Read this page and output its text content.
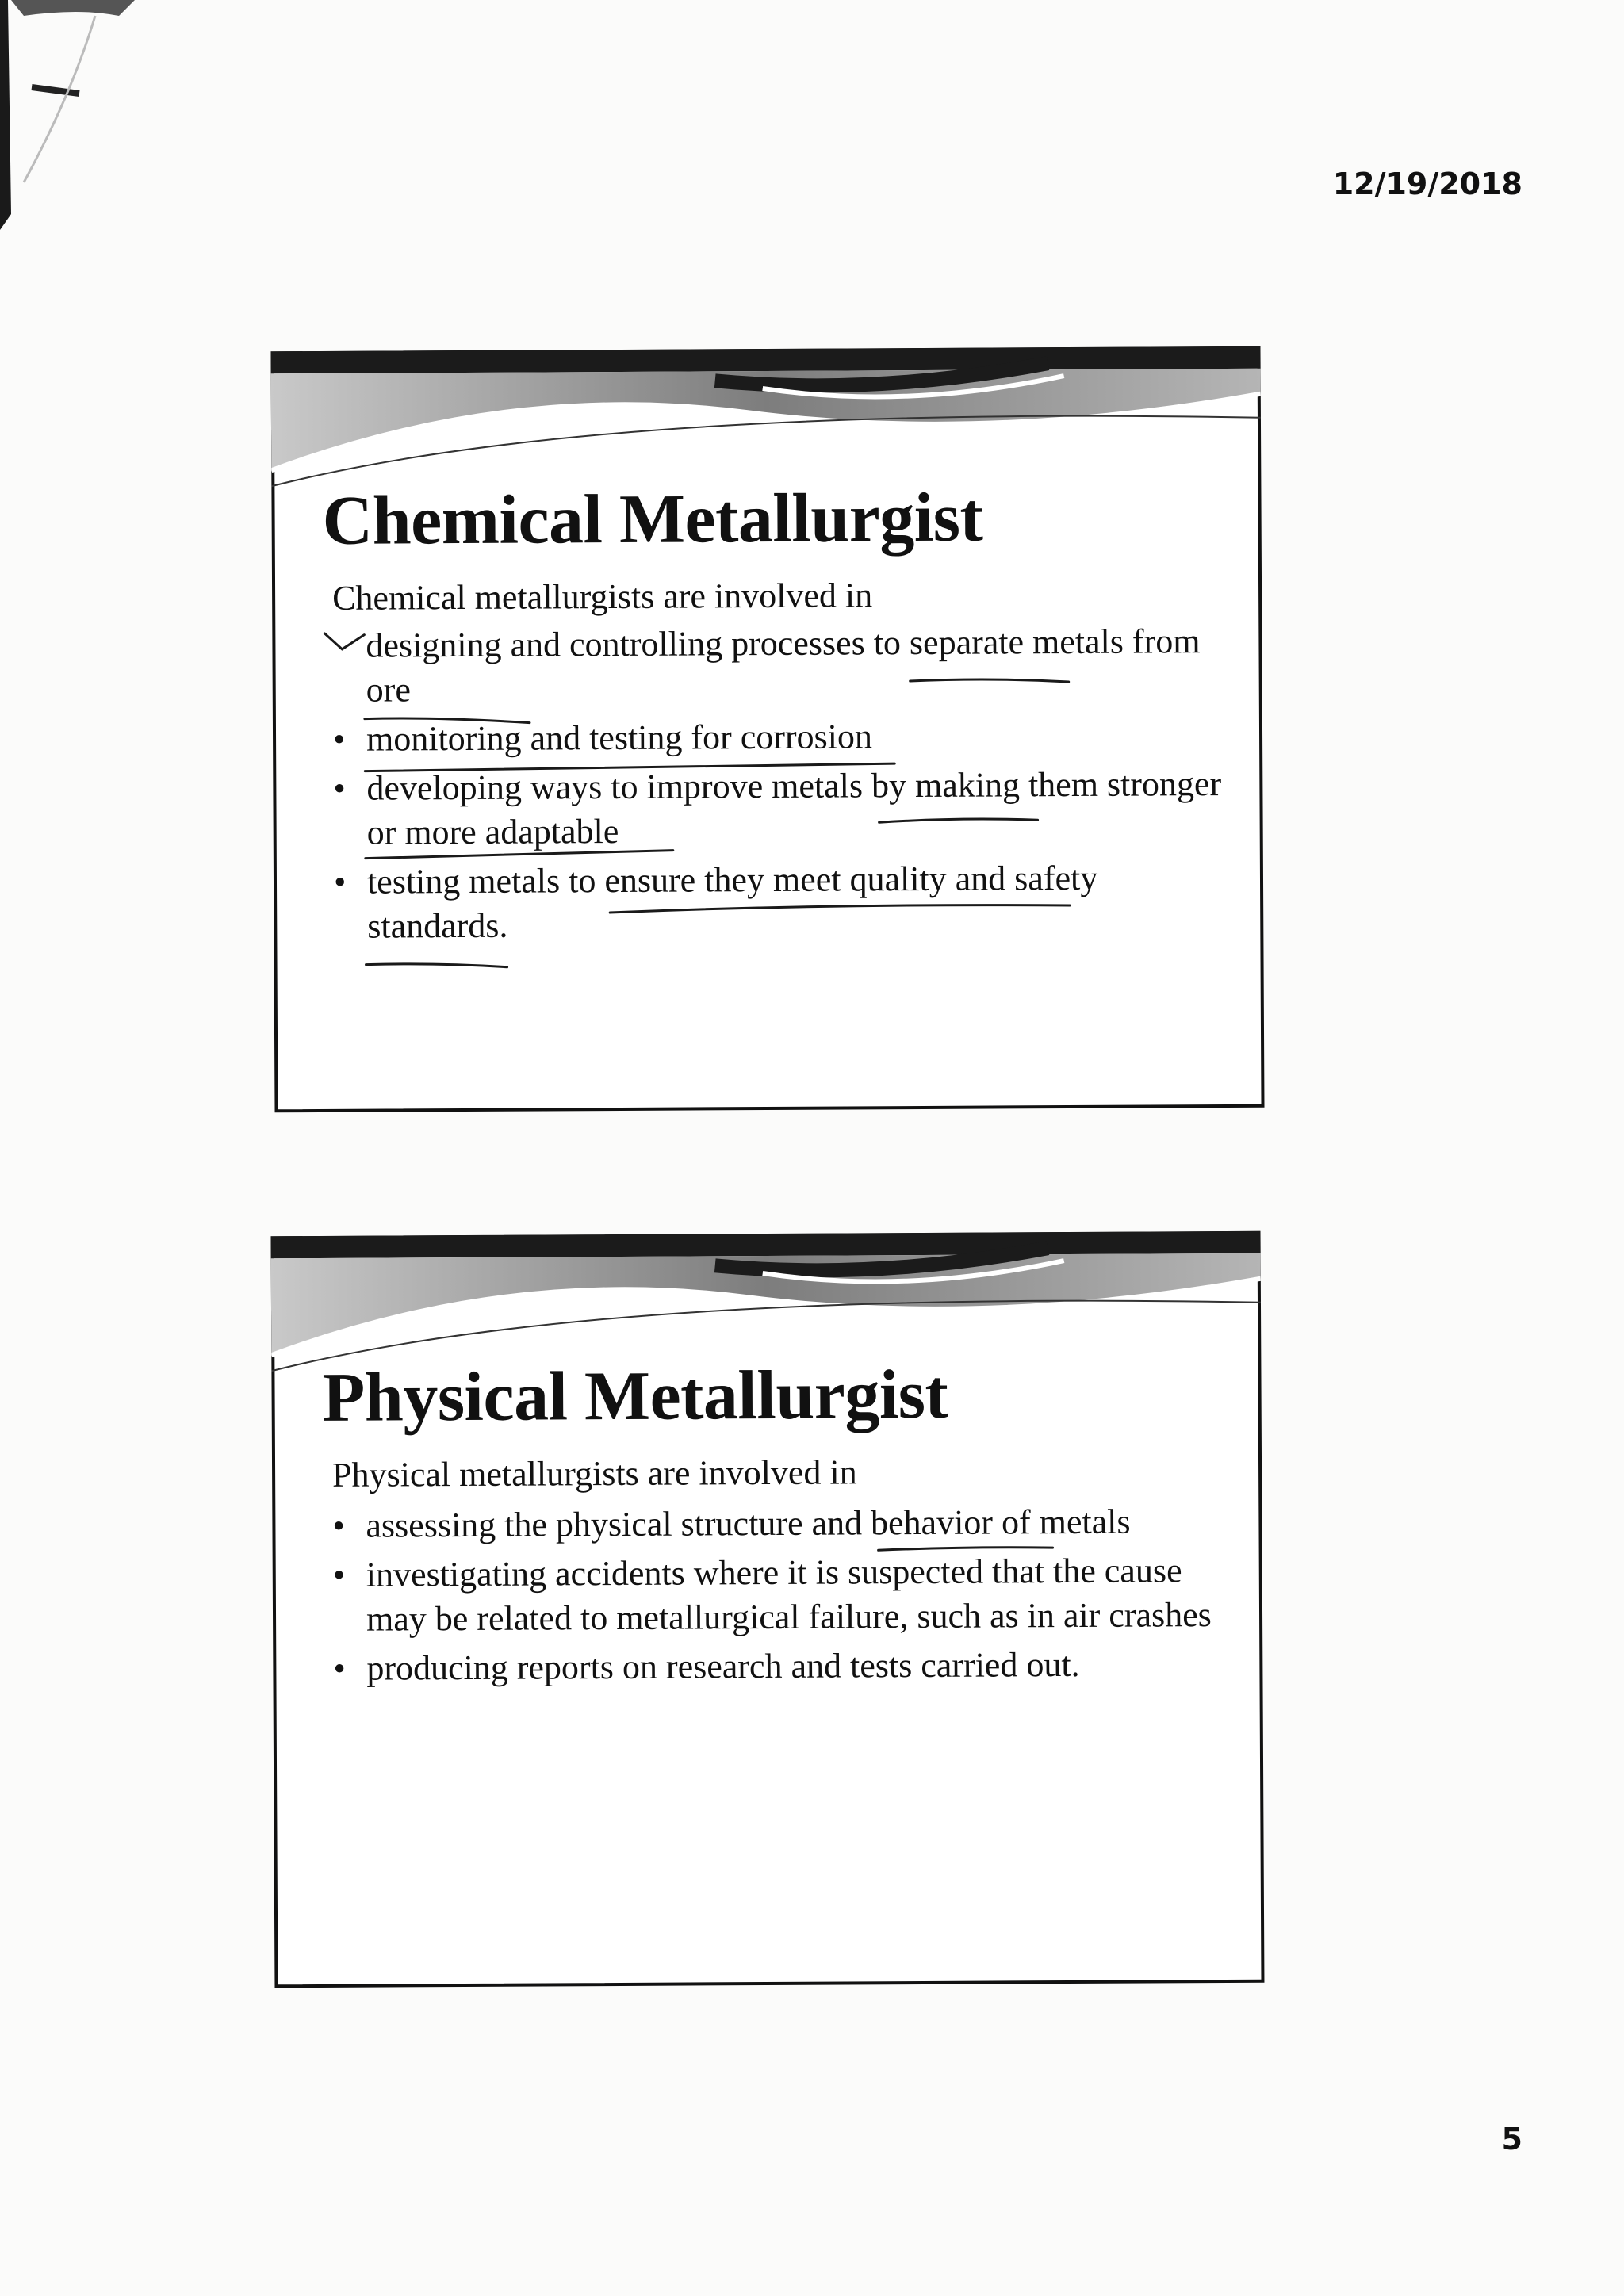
12/19/2018
Chemical Metallurgist
Chemical metallurgists are involved in
designing and controlling processes to separate metals from ore
• monitoring and testing for corrosion
• developing ways to improve metals by making them stronger or more adaptable
• testing metals to ensure they meet quality and safety standards.
Physical Metallurgist
Physical metallurgists are involved in
• assessing the physical structure and behavior of metals
• investigating accidents where it is suspected that the cause may be related to metallurgical failure, such as in air crashes
• producing reports on research and tests carried out.
5
